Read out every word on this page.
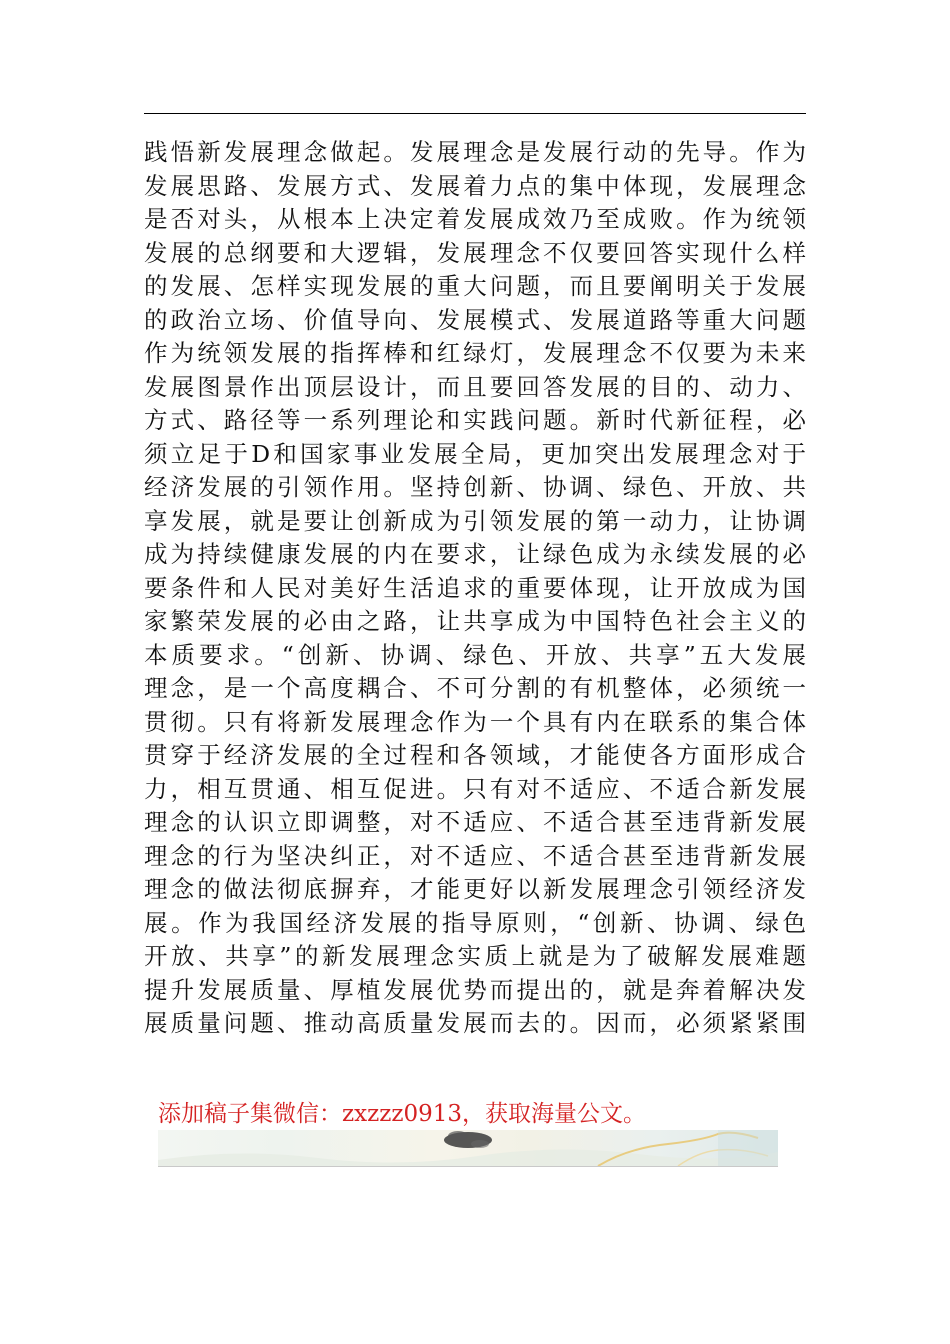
践悟新发展理念做起。发展理念是发展行动的先导。作为
发展思路、发展方式、发展着力点的集中体现，发展理念
是否对头，从根本上决定着发展成效乃至成败。作为统领
发展的总纲要和大逻辑，发展理念不仅要回答实现什么样
的发展、怎样实现发展的重大问题，而且要阐明关于发展
的政治立场、价值导向、发展模式、发展道路等重大问题
作为统领发展的指挥棒和红绿灯，发展理念不仅要为未来
发展图景作出顶层设计，而且要回答发展的目的、动力、
方式、路径等一系列理论和实践问题。新时代新征程，必
须立足于D和国家事业发展全局，更加突出发展理念对于
经济发展的引领作用。坚持创新、协调、绿色、开放、共
享发展，就是要让创新成为引领发展的第一动力，让协调
成为持续健康发展的内在要求，让绿色成为永续发展的必
要条件和人民对美好生活追求的重要体现，让开放成为国
家繁荣发展的必由之路，让共享成为中国特色社会主义的
本质要求。“创新、协调、绿色、开放、共享”五大发展
理念，是一个高度耦合、不可分割的有机整体，必须统一
贯彻。只有将新发展理念作为一个具有内在联系的集合体
贯穿于经济发展的全过程和各领域，才能使各方面形成合
力，相互贯通、相互促进。只有对不适应、不适合新发展
理念的认识立即调整，对不适应、不适合甚至违背新发展
理念的行为坚决纠正，对不适应、不适合甚至违背新发展
理念的做法彻底摒弃，才能更好以新发展理念引领经济发
展。作为我国经济发展的指导原则，“创新、协调、绿色
开放、共享”的新发展理念实质上就是为了破解发展难题
提升发展质量、厚植发展优势而提出的，就是奔着解决发
展质量问题、推动高质量发展而去的。因而，必须紧紧围
添加稿子集微信：zxzzz0913，获取海量公文。
